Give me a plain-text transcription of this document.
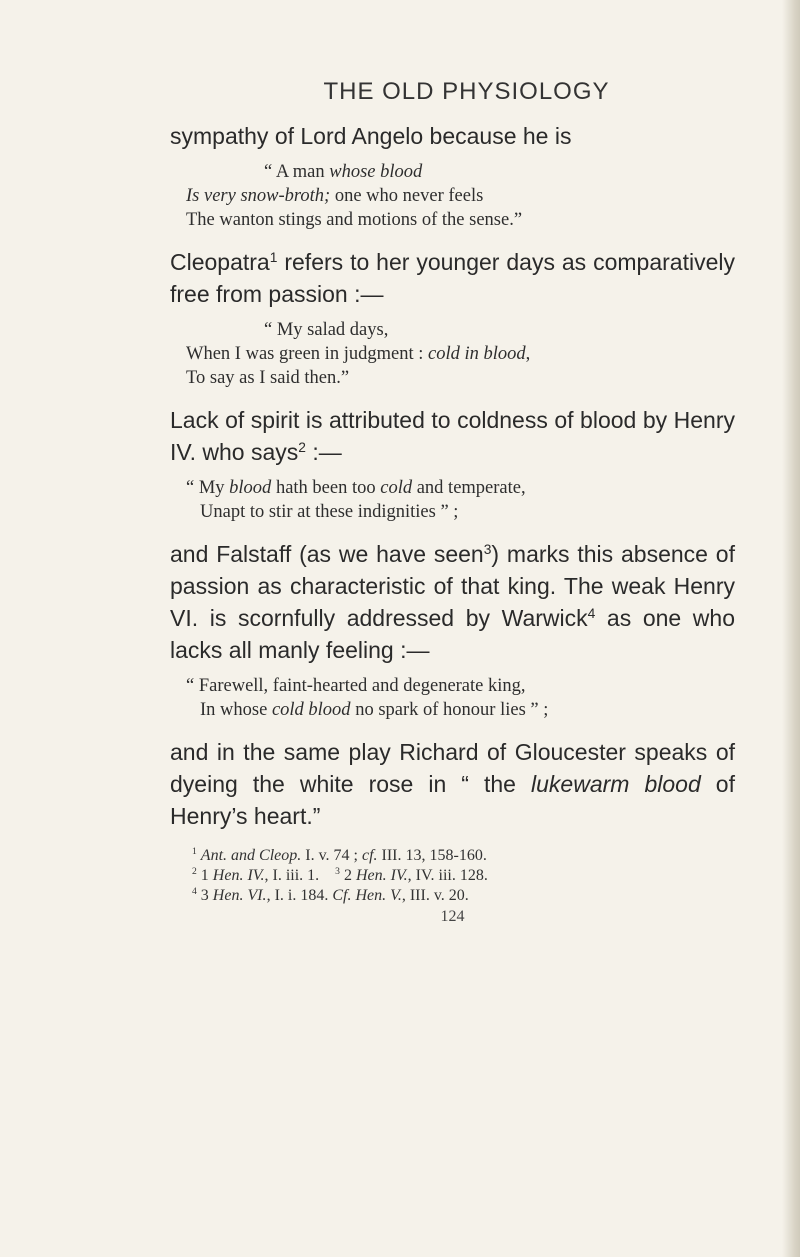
THE OLD PHYSIOLOGY

sympathy of Lord Angelo because he is

“ A man whose blood
Is very snow-broth; one who never feels
The wanton stings and motions of the sense.”

Cleopatra$^1$ refers to her younger days as comparatively free from passion :—

“ My salad days,
When I was green in judgment : cold in blood,
To say as I said then.”

Lack of spirit is attributed to coldness of blood by Henry IV. who says$^2$ :—

“ My blood hath been too cold and temperate,
Unapt to stir at these indignities ” ;

and Falstaff (as we have seen$^3$) marks this absence of passion as characteristic of that king. The weak Henry VI. is scornfully addressed by Warwick$^4$ as one who lacks all manly feeling :—

“ Farewell, faint-hearted and degenerate king,
In whose cold blood no spark of honour lies ” ;

and in the same play Richard of Gloucester speaks of dyeing the white rose in “ the lukewarm blood of Henry’s heart.”

$^1$ Ant. and Cleop. I. v. 74 ; cf. III. 13, 158-160.
$^2$ 1 Hen. IV., I. iii. 1. $^3$ 2 Hen. IV., IV. iii. 128.
$^4$ 3 Hen. VI., I. i. 184. Cf. Hen. V., III. v. 20.
124
